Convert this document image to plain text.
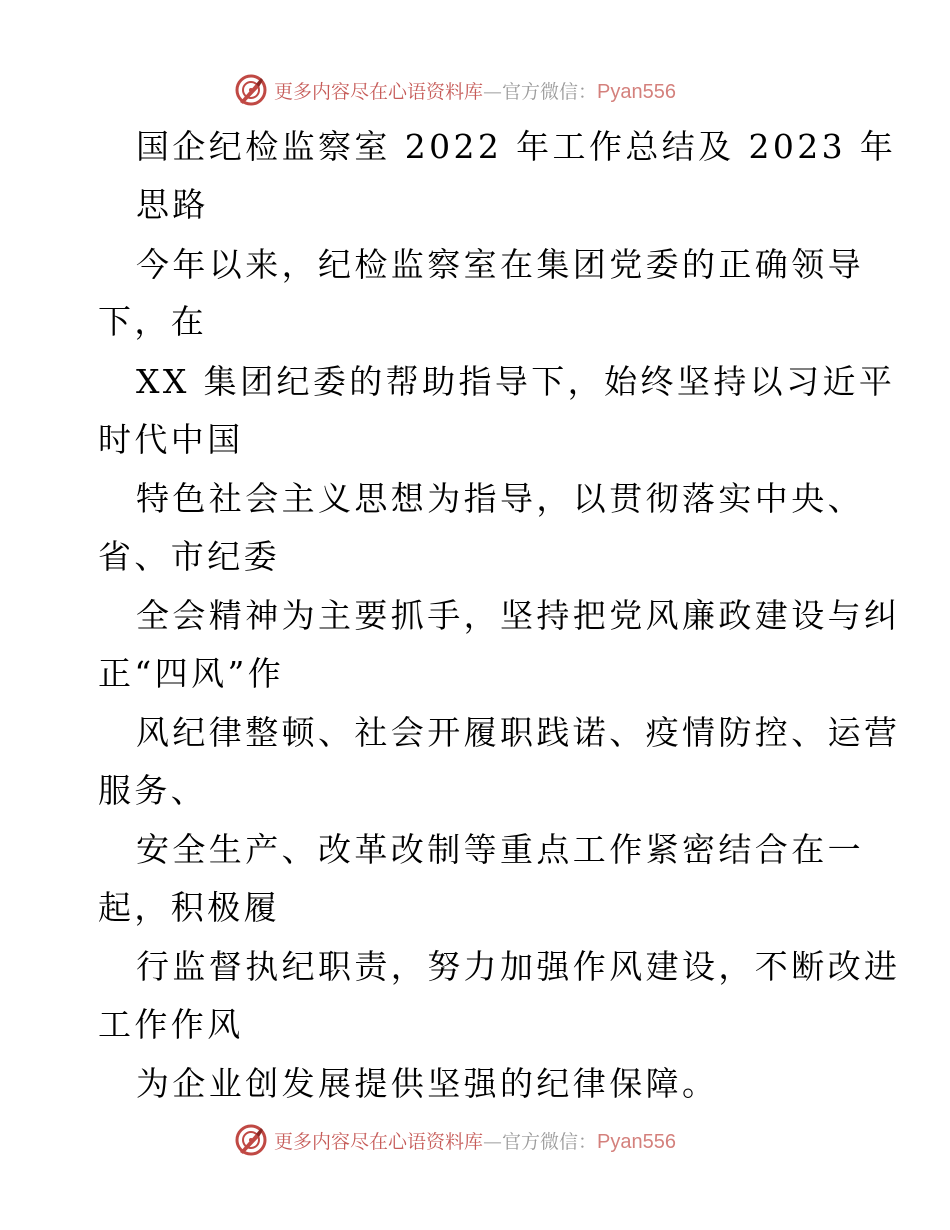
更多内容尽在心语资料库—官方微信：Pyan556
国企纪检监察室 2022 年工作总结及 2023 年
思路
今年以来，纪检监察室在集团党委的正确领导
下，在
XX 集团纪委的帮助指导下，始终坚持以习近平
时代中国
特色社会主义思想为指导，以贯彻落实中央、
省、市纪委
全会精神为主要抓手，坚持把党风廉政建设与纠
正“四风”作
风纪律整顿、社会开履职践诺、疫情防控、运营
服务、
安全生产、改革改制等重点工作紧密结合在一
起，积极履
行监督执纪职责，努力加强作风建设，不断改进
工作作风
为企业创发展提供坚强的纪律保障。
更多内容尽在心语资料库—官方微信：Pyan556
